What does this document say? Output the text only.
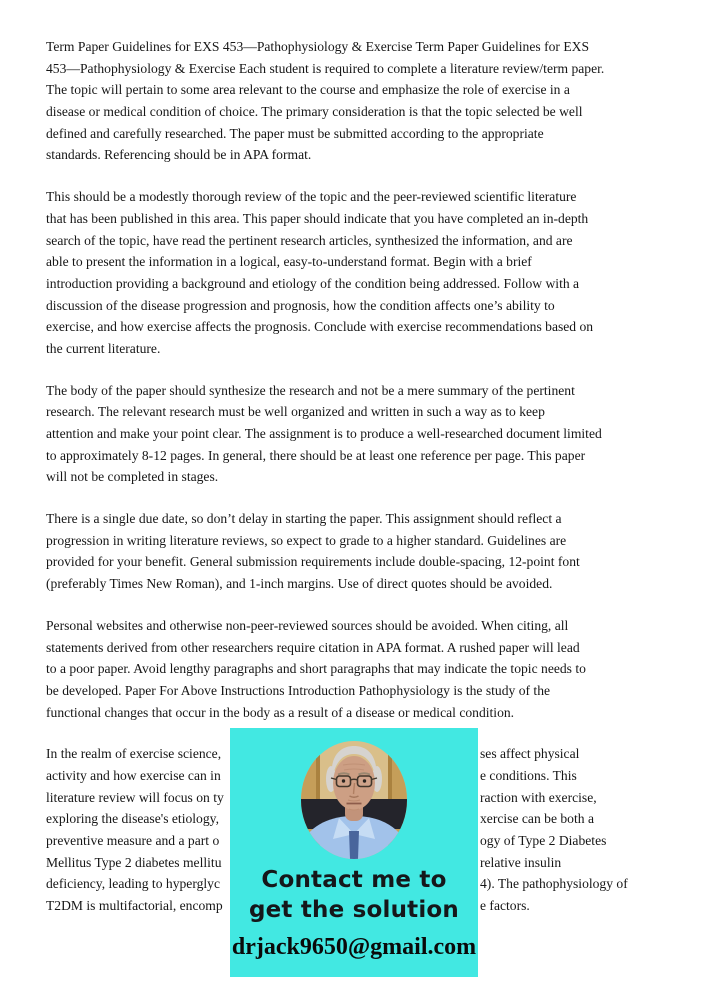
Term Paper Guidelines for EXS 453—Pathophysiology & Exercise Term Paper Guidelines for EXS
453—Pathophysiology & Exercise Each student is required to complete a literature review/term paper.
The topic will pertain to some area relevant to the course and emphasize the role of exercise in a
disease or medical condition of choice. The primary consideration is that the topic selected be well
defined and carefully researched. The paper must be submitted according to the appropriate
standards. Referencing should be in APA format.
This should be a modestly thorough review of the topic and the peer-reviewed scientific literature
that has been published in this area. This paper should indicate that you have completed an in-depth
search of the topic, have read the pertinent research articles, synthesized the information, and are
able to present the information in a logical, easy-to-understand format. Begin with a brief
introduction providing a background and etiology of the condition being addressed. Follow with a
discussion of the disease progression and prognosis, how the condition affects one’s ability to
exercise, and how exercise affects the prognosis. Conclude with exercise recommendations based on
the current literature.
The body of the paper should synthesize the research and not be a mere summary of the pertinent
research. The relevant research must be well organized and written in such a way as to keep
attention and make your point clear. The assignment is to produce a well-researched document limited
to approximately 8-12 pages. In general, there should be at least one reference per page. This paper
will not be completed in stages.
There is a single due date, so don’t delay in starting the paper. This assignment should reflect a
progression in writing literature reviews, so expect to grade to a higher standard. Guidelines are
provided for your benefit. General submission requirements include double-spacing, 12-point font
(preferably Times New Roman), and 1-inch margins. Use of direct quotes should be avoided.
Personal websites and otherwise non-peer-reviewed sources should be avoided. When citing, all
statements derived from other researchers require citation in APA format. A rushed paper will lead
to a poor paper. Avoid lengthy paragraphs and short paragraphs that may indicate the topic needs to
be developed. Paper For Above Instructions Introduction Pathophysiology is the study of the
functional changes that occur in the body as a result of a disease or medical condition.
In the realm of exercise science,	ses affect physical
activity and how exercise can in	e conditions. This
literature review will focus on ty	raction with exercise,
exploring the disease's etiology,	xercise can be both a
preventive measure and a part o	ogy of Type 2 Diabetes
Mellitus Type 2 diabetes mellitu	relative insulin
deficiency, leading to hyperglyc	4). The pathophysiology of
T2DM is multifactorial, encomp	e factors.
Contact me to
get the solution
drjack9650@gmail.com
